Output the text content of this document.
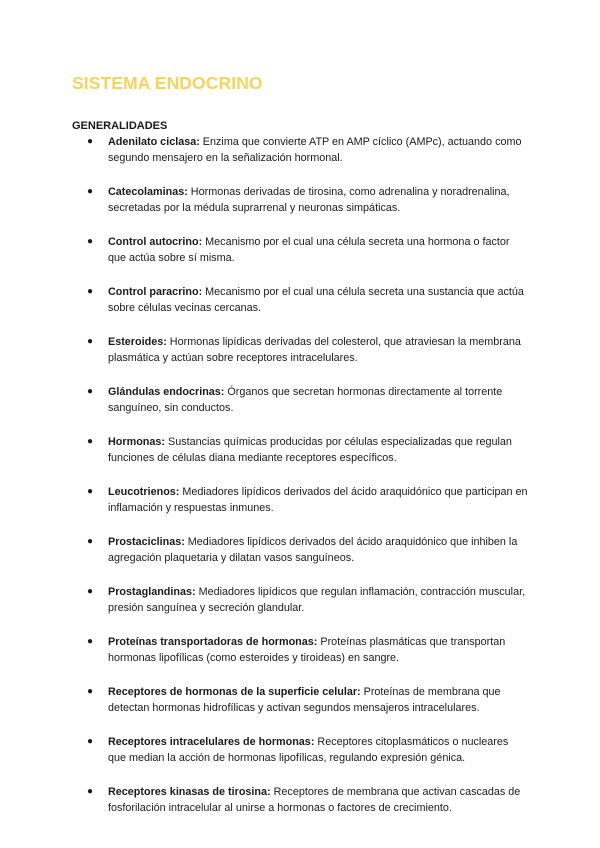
SISTEMA ENDOCRINO
GENERALIDADES
● Adenilato ciclasa: Enzima que convierte ATP en AMP cíclico (AMPc), actuando como segundo mensajero en la señalización hormonal.
● Catecolaminas: Hormonas derivadas de tirosina, como adrenalina y noradrenalina, secretadas por la médula suprarrenal y neuronas simpáticas.
● Control autocrino: Mecanismo por el cual una célula secreta una hormona o factor que actúa sobre sí misma.
● Control paracrino: Mecanismo por el cual una célula secreta una sustancia que actúa sobre células vecinas cercanas.
● Esteroides: Hormonas lipídicas derivadas del colesterol, que atraviesan la membrana plasmática y actúan sobre receptores intracelulares.
● Glándulas endocrinas: Órganos que secretan hormonas directamente al torrente sanguíneo, sin conductos.
● Hormonas: Sustancias químicas producidas por células especializadas que regulan funciones de células diana mediante receptores específicos.
● Leucotrienos: Mediadores lipídicos derivados del ácido araquidónico que participan en inflamación y respuestas inmunes.
● Prostaciclinas: Mediadores lipídicos derivados del ácido araquidónico que inhiben la agregación plaquetaria y dilatan vasos sanguíneos.
● Prostaglandinas: Mediadores lipídicos que regulan inflamación, contracción muscular, presión sanguínea y secreción glandular.
● Proteínas transportadoras de hormonas: Proteínas plasmáticas que transportan hormonas lipofílicas (como esteroides y tiroideas) en sangre.
● Receptores de hormonas de la superficie celular: Proteínas de membrana que detectan hormonas hidrofílicas y activan segundos mensajeros intracelulares.
● Receptores intracelulares de hormonas: Receptores citoplasmáticos o nucleares que median la acción de hormonas lipofílicas, regulando expresión génica.
● Receptores kinasas de tirosina: Receptores de membrana que activan cascadas de fosforilación intracelular al unirse a hormonas o factores de crecimiento.
